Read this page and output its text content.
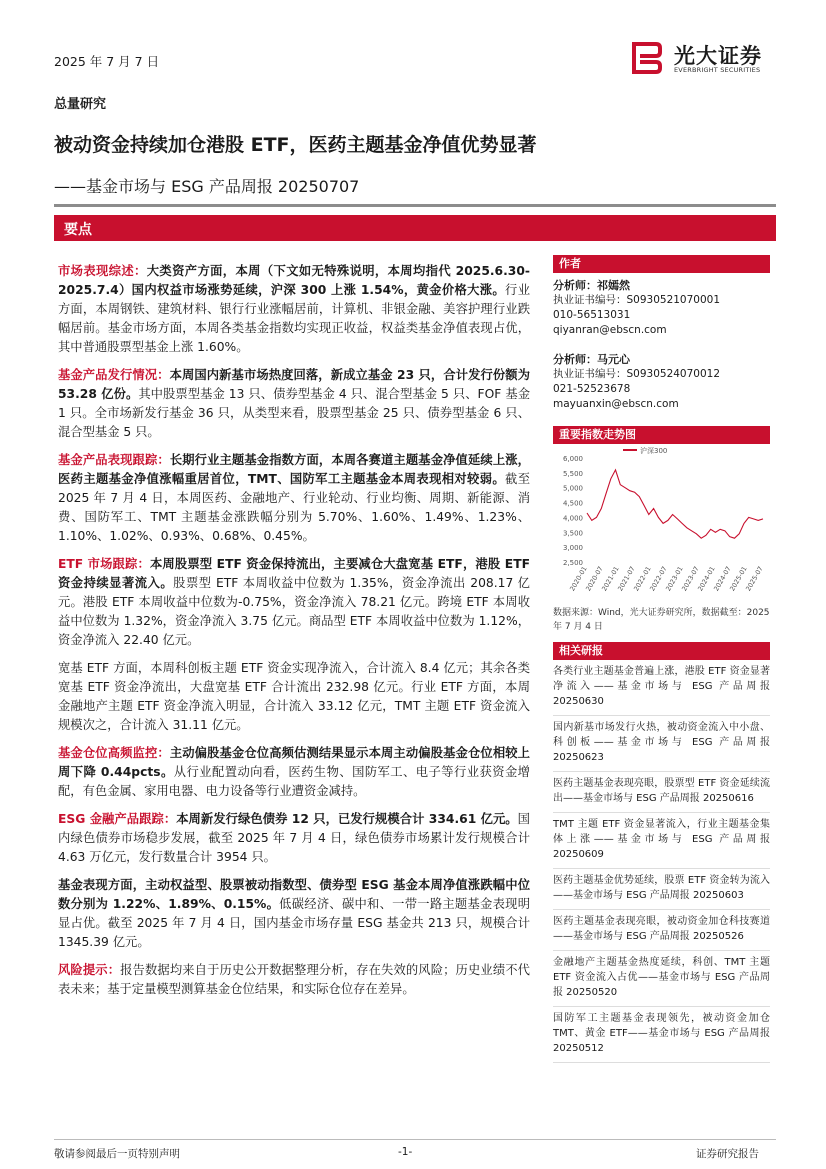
2025 年 7 月 7 日	光大证券
EVERBRIGHT SECURITIES
总量研究
被动资金持续加仓港股 ETF，医药主题基金净值优势显著
——基金市场与 ESG 产品周报 20250707
要点

市场表现综述：大类资产方面，本周（下文如无特殊说明，本周均指代 2025.6.30-2025.7.4）国内权益市场涨势延续，沪深 300 上涨 1.54%，黄金价格大涨。行业方面，本周钢铁、建筑材料、银行行业涨幅居前，计算机、非银金融、美容护理行业跌幅居前。基金市场方面，本周各类基金指数均实现正收益，权益类基金净值表现占优，其中普通股票型基金上涨 1.60%。

基金产品发行情况：本周国内新基市场热度回落，新成立基金 23 只，合计发行份额为 53.28 亿份。其中股票型基金 13 只、债券型基金 4 只、混合型基金 5 只、FOF 基金 1 只。全市场新发行基金 36 只，从类型来看，股票型基金 25 只、债券型基金 6 只、混合型基金 5 只。

基金产品表现跟踪：长期行业主题基金指数方面，本周各赛道主题基金净值延续上涨，医药主题基金净值涨幅重居首位，TMT、国防军工主题基金本周表现相对较弱。截至 2025 年 7 月 4 日，本周医药、金融地产、行业轮动、行业均衡、周期、新能源、消费、国防军工、TMT 主题基金涨跌幅分别为 5.70%、1.60%、1.49%、1.23%、1.10%、1.02%、0.93%、0.68%、0.45%。

ETF 市场跟踪：本周股票型 ETF 资金保持流出，主要减仓大盘宽基 ETF，港股 ETF 资金持续显著流入。股票型 ETF 本周收益中位数为 1.35%，资金净流出 208.17 亿元。港股 ETF 本周收益中位数为-0.75%，资金净流入 78.21 亿元。跨境 ETF 本周收益中位数为 1.32%，资金净流入 3.75 亿元。商品型 ETF 本周收益中位数为 1.12%，资金净流入 22.40 亿元。

宽基 ETF 方面，本周科创板主题 ETF 资金实现净流入，合计流入 8.4 亿元；其余各类宽基 ETF 资金净流出，大盘宽基 ETF 合计流出 232.98 亿元。行业 ETF 方面，本周金融地产主题 ETF 资金净流入明显，合计流入 33.12 亿元，TMT 主题 ETF 资金流入规模次之，合计流入 31.11 亿元。

基金仓位高频监控：主动偏股基金仓位高频估测结果显示本周主动偏股基金仓位相较上周下降 0.44pcts。从行业配置动向看，医药生物、国防军工、电子等行业获资金增配，有色金属、家用电器、电力设备等行业遭资金减持。

ESG 金融产品跟踪：本周新发行绿色债券 12 只，已发行规模合计 334.61 亿元。国内绿色债券市场稳步发展，截至 2025 年 7 月 4 日，绿色债券市场累计发行规模合计 4.63 万亿元，发行数量合计 3954 只。

基金表现方面，主动权益型、股票被动指数型、债券型 ESG 基金本周净值涨跌幅中位数分别为 1.22%、1.89%、0.15%。低碳经济、碳中和、一带一路主题基金表现明显占优。截至 2025 年 7 月 4 日，国内基金市场存量 ESG 基金共 213 只，规模合计 1345.39 亿元。

风险提示：报告数据均来自于历史公开数据整理分析，存在失效的风险；历史业绩不代表未来；基于定量模型测算基金仓位结果，和实际仓位存在差异。

作者
分析师：祁嫣然
执业证书编号：S0930521070001
010-56513031
qiyanran@ebscn.com
分析师：马元心
执业证书编号：S0930524070012
021-52523678
mayuanxin@ebscn.com
重要指数走势图
6,000
5,500
5,000
4,500
4,000
3,500
3,000
2,500
2020-01
2020-07
2021-01
2021-07
2022-01
2022-07
2023-01
2023-07
2024-01
2024-07
2025-01
2025-07
沪深300
数据来源：Wind，光大证券研究所，数据截至：2025 年 7 月 4 日
相关研报
各类行业主题基金普遍上涨，港股 ETF 资金显著净流入——基金市场与 ESG 产品周报 20250630
国内新基市场发行火热，被动资金流入中小盘、科创板——基金市场与 ESG 产品周报 20250623
医药主题基金表现亮眼，股票型 ETF 资金延续流出——基金市场与 ESG 产品周报 20250616
TMT 主题 ETF 资金显著流入，行业主题基金集体上涨——基金市场与 ESG 产品周报 20250609
医药主题基金优势延续，股票 ETF 资金转为流入——基金市场与 ESG 产品周报 20250603
医药主题基金表现亮眼，被动资金加仓科技赛道——基金市场与 ESG 产品周报 20250526
金融地产主题基金热度延续，科创、TMT 主题 ETF 资金流入占优——基金市场与 ESG 产品周报 20250520
国防军工主题基金表现领先，被动资金加仓 TMT、黄金 ETF——基金市场与 ESG 产品周报 20250512
敬请参阅最后一页特别声明	-1-	证券研究报告
